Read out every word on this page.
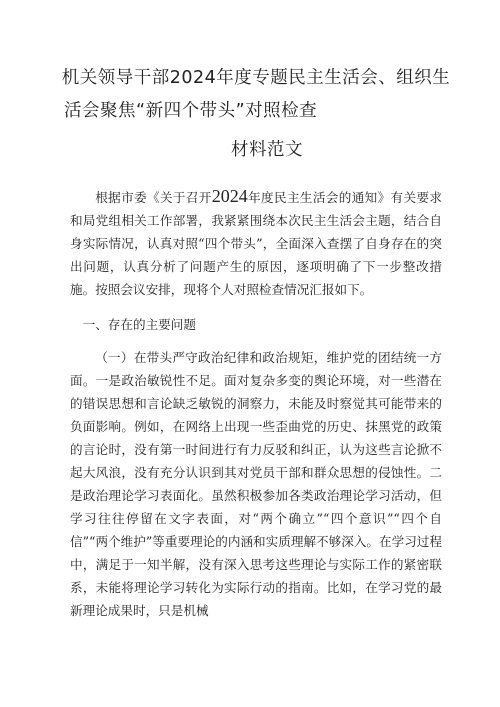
机关领导干部2024年度专题民主生活会、组织生
活会聚焦“新四个带头”对照检查
材料范文

根据市委《关于召开2024年度民主生活会的通知》有关要求和局党组相关工作部署，我紧紧围绕本次民主生活会主题，结合自身实际情况，认真对照“四个带头”，全面深入查摆了自身存在的突出问题，认真分析了问题产生的原因，逐项明确了下一步整改措施。按照会议安排，现将个人对照检查情况汇报如下。

一、存在的主要问题

（一）在带头严守政治纪律和政治规矩，维护党的团结统一方面。一是政治敏锐性不足。面对复杂多变的舆论环境，对一些潜在的错误思想和言论缺乏敏锐的洞察力，未能及时察觉其可能带来的负面影响。例如，在网络上出现一些歪曲党的历史、抹黑党的政策的言论时，没有第一时间进行有力反驳和纠正，认为这些言论掀不起大风浪，没有充分认识到其对党员干部和群众思想的侵蚀性。二是政治理论学习表面化。虽然积极参加各类政治理论学习活动，但学习往往停留在文字表面，对“两个确立”“四个意识”“四个自信”“两个维护”等重要理论的内涵和实质理解不够深入。在学习过程中，满足于一知半解，没有深入思考这些理论与实际工作的紧密联系，未能将理论学习转化为实际行动的指南。比如，在学习党的最新理论成果时，只是机械
